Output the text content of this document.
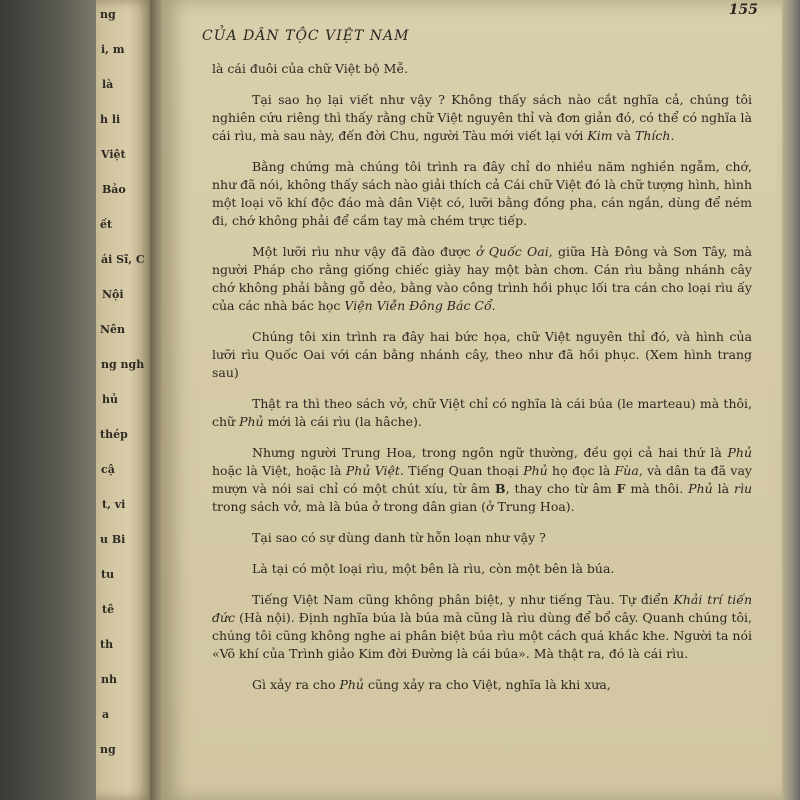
ng
i, m
là
h li
Việt
Bảo
ết
ái Sĩ, C
Nội
Nên
ng ngh
hủ
thép
cậ
t, vi
u Bi
tu
tê
th
nh
a
ng
155
CỦA DÂN TỘC VIỆT NAM

là cái đuôi của chữ Việt bộ Mễ.

Tại sao họ lại viết như vậy ? Không thấy sách nào cắt nghĩa cả, chúng tôi nghiên cứu riêng thì thấy rằng chữ Việt nguyên thỉ và đơn giản đó, có thể có nghĩa là cái rìu, mà sau này, đến đời Chu, người Tàu mới viết lại với Kim và Thích.

Bằng chứng mà chúng tôi trình ra đây chỉ do nhiều năm nghiền ngẫm, chớ, như đã nói, không thấy sách nào giải thích cả Cái chữ Việt đó là chữ tượng hình, hình một loại võ khí độc đáo mà dân Việt có, lưỡi bằng đồng pha, cán ngắn, dùng để ném đi, chớ không phải để cầm tay mà chém trực tiếp.

Một lưỡi rìu như vậy đã đào được ở Quốc Oai, giữa Hà Đông và Sơn Tây, mà người Pháp cho rằng giống chiếc giày hay một bàn chơn. Cán rìu bằng nhánh cây chớ không phải bằng gỗ dẻo, bằng vào công trình hồi phục lối tra cán cho loại rìu ấy của các nhà bác học Viện Viễn Đông Bác Cổ.

Chúng tôi xin trình ra đây hai bức họa, chữ Việt nguyên thỉ đó, và hình của lưỡi rìu Quốc Oai với cán bằng nhánh cây, theo như đã hồi phục. (Xem hình trang sau)

Thật ra thì theo sách vở, chữ Việt chỉ có nghĩa là cái búa (le marteau) mà thôi, chữ Phủ mới là cái rìu (la hâche).

Nhưng người Trung Hoa, trong ngôn ngữ thường, đều gọi cả hai thứ là Phủ hoặc là Việt, hoặc là Phủ Việt. Tiếng Quan thoại Phủ họ đọc là Fùa, và dân ta đã vay mượn và nói sai chỉ có một chút xíu, từ âm B, thay cho từ âm F mà thôi. Phủ là rìu trong sách vở, mà là búa ở trong dân gian (ở Trung Hoa).

Tại sao có sự dùng danh từ hỗn loạn như vậy ?

Là tại có một loại rìu, một bên là rìu, còn một bên là búa.

Tiếng Việt Nam cũng không phân biệt, y như tiếng Tàu. Tự điển Khải trí tiến đức (Hà nội). Định nghĩa búa là búa mà cũng là rìu dùng để bổ cây. Quanh chúng tôi, chúng tôi cũng không nghe ai phân biệt búa rìu một cách quá khắc khe. Người ta nói «Võ khí của Trình giảo Kim đời Đường là cái búa». Mà thật ra, đó là cái rìu.

Gì xảy ra cho Phủ cũng xảy ra cho Việt, nghĩa là khi xưa,
